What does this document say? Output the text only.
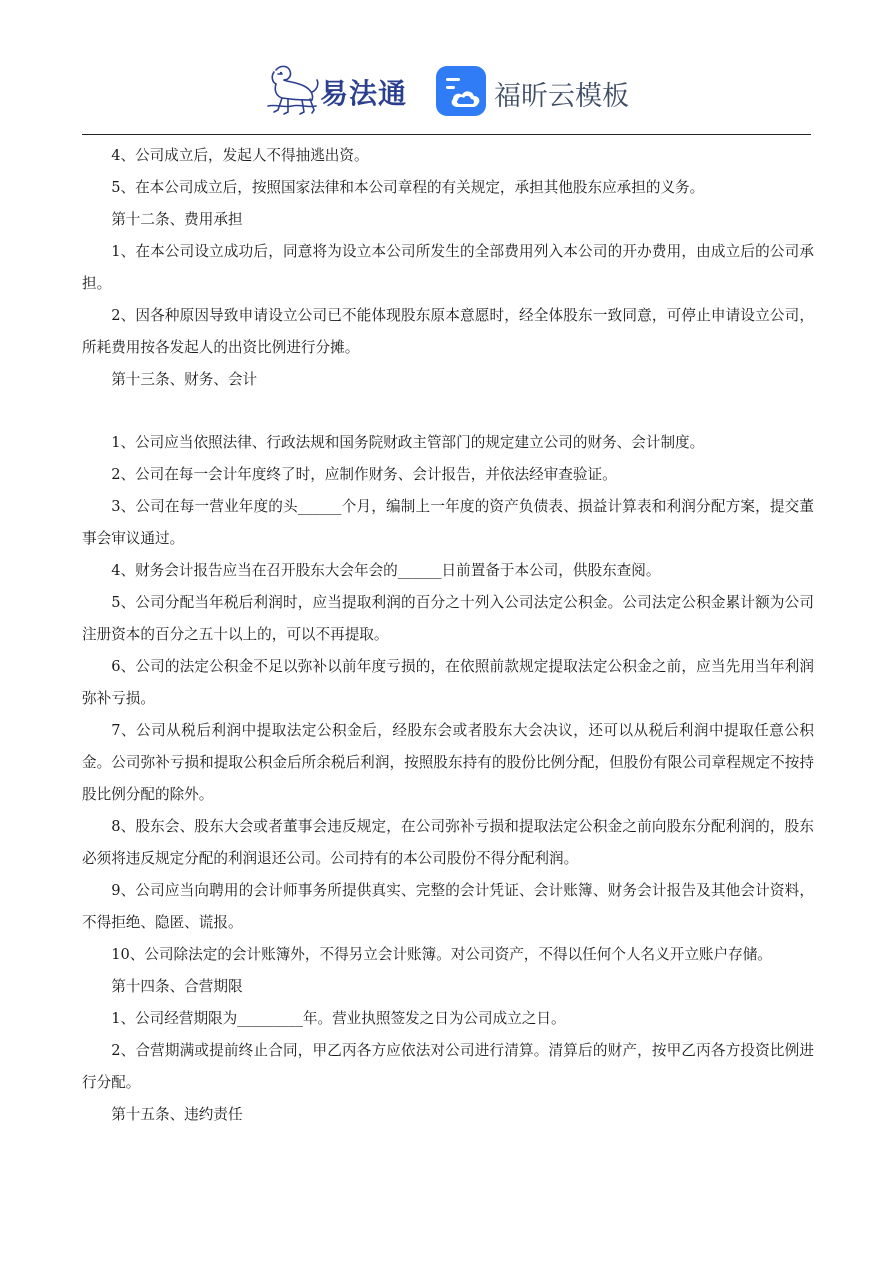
易法通	福昕云模板

4、公司成立后，发起人不得抽逃出资。

5、在本公司成立后，按照国家法律和本公司章程的有关规定，承担其他股东应承担的义务。

第十二条、费用承担

1、在本公司设立成功后，同意将为设立本公司所发生的全部费用列入本公司的开办费用，由成立后的公司承担。

2、因各种原因导致申请设立公司已不能体现股东原本意愿时，经全体股东一致同意，可停止申请设立公司，所耗费用按各发起人的出资比例进行分摊。

第十三条、财务、会计

1、公司应当依照法律、行政法规和国务院财政主管部门的规定建立公司的财务、会计制度。

2、公司在每一会计年度终了时，应制作财务、会计报告，并依法经审查验证。

3、公司在每一营业年度的头______个月，编制上一年度的资产负债表、损益计算表和利润分配方案，提交董事会审议通过。

4、财务会计报告应当在召开股东大会年会的______日前置备于本公司，供股东查阅。

5、公司分配当年税后利润时，应当提取利润的百分之十列入公司法定公积金。公司法定公积金累计额为公司注册资本的百分之五十以上的，可以不再提取。

6、公司的法定公积金不足以弥补以前年度亏损的，在依照前款规定提取法定公积金之前，应当先用当年利润弥补亏损。

7、公司从税后利润中提取法定公积金后，经股东会或者股东大会决议，还可以从税后利润中提取任意公积金。公司弥补亏损和提取公积金后所余税后利润，按照股东持有的股份比例分配，但股份有限公司章程规定不按持股比例分配的除外。

8、股东会、股东大会或者董事会违反规定，在公司弥补亏损和提取法定公积金之前向股东分配利润的，股东必须将违反规定分配的利润退还公司。公司持有的本公司股份不得分配利润。

9、公司应当向聘用的会计师事务所提供真实、完整的会计凭证、会计账簿、财务会计报告及其他会计资料，不得拒绝、隐匿、谎报。

10、公司除法定的会计账簿外，不得另立会计账簿。对公司资产，不得以任何个人名义开立账户存储。

第十四条、合营期限

1、公司经营期限为_________年。营业执照签发之日为公司成立之日。

2、合营期满或提前终止合同，甲乙丙各方应依法对公司进行清算。清算后的财产，按甲乙丙各方投资比例进行分配。

第十五条、违约责任
